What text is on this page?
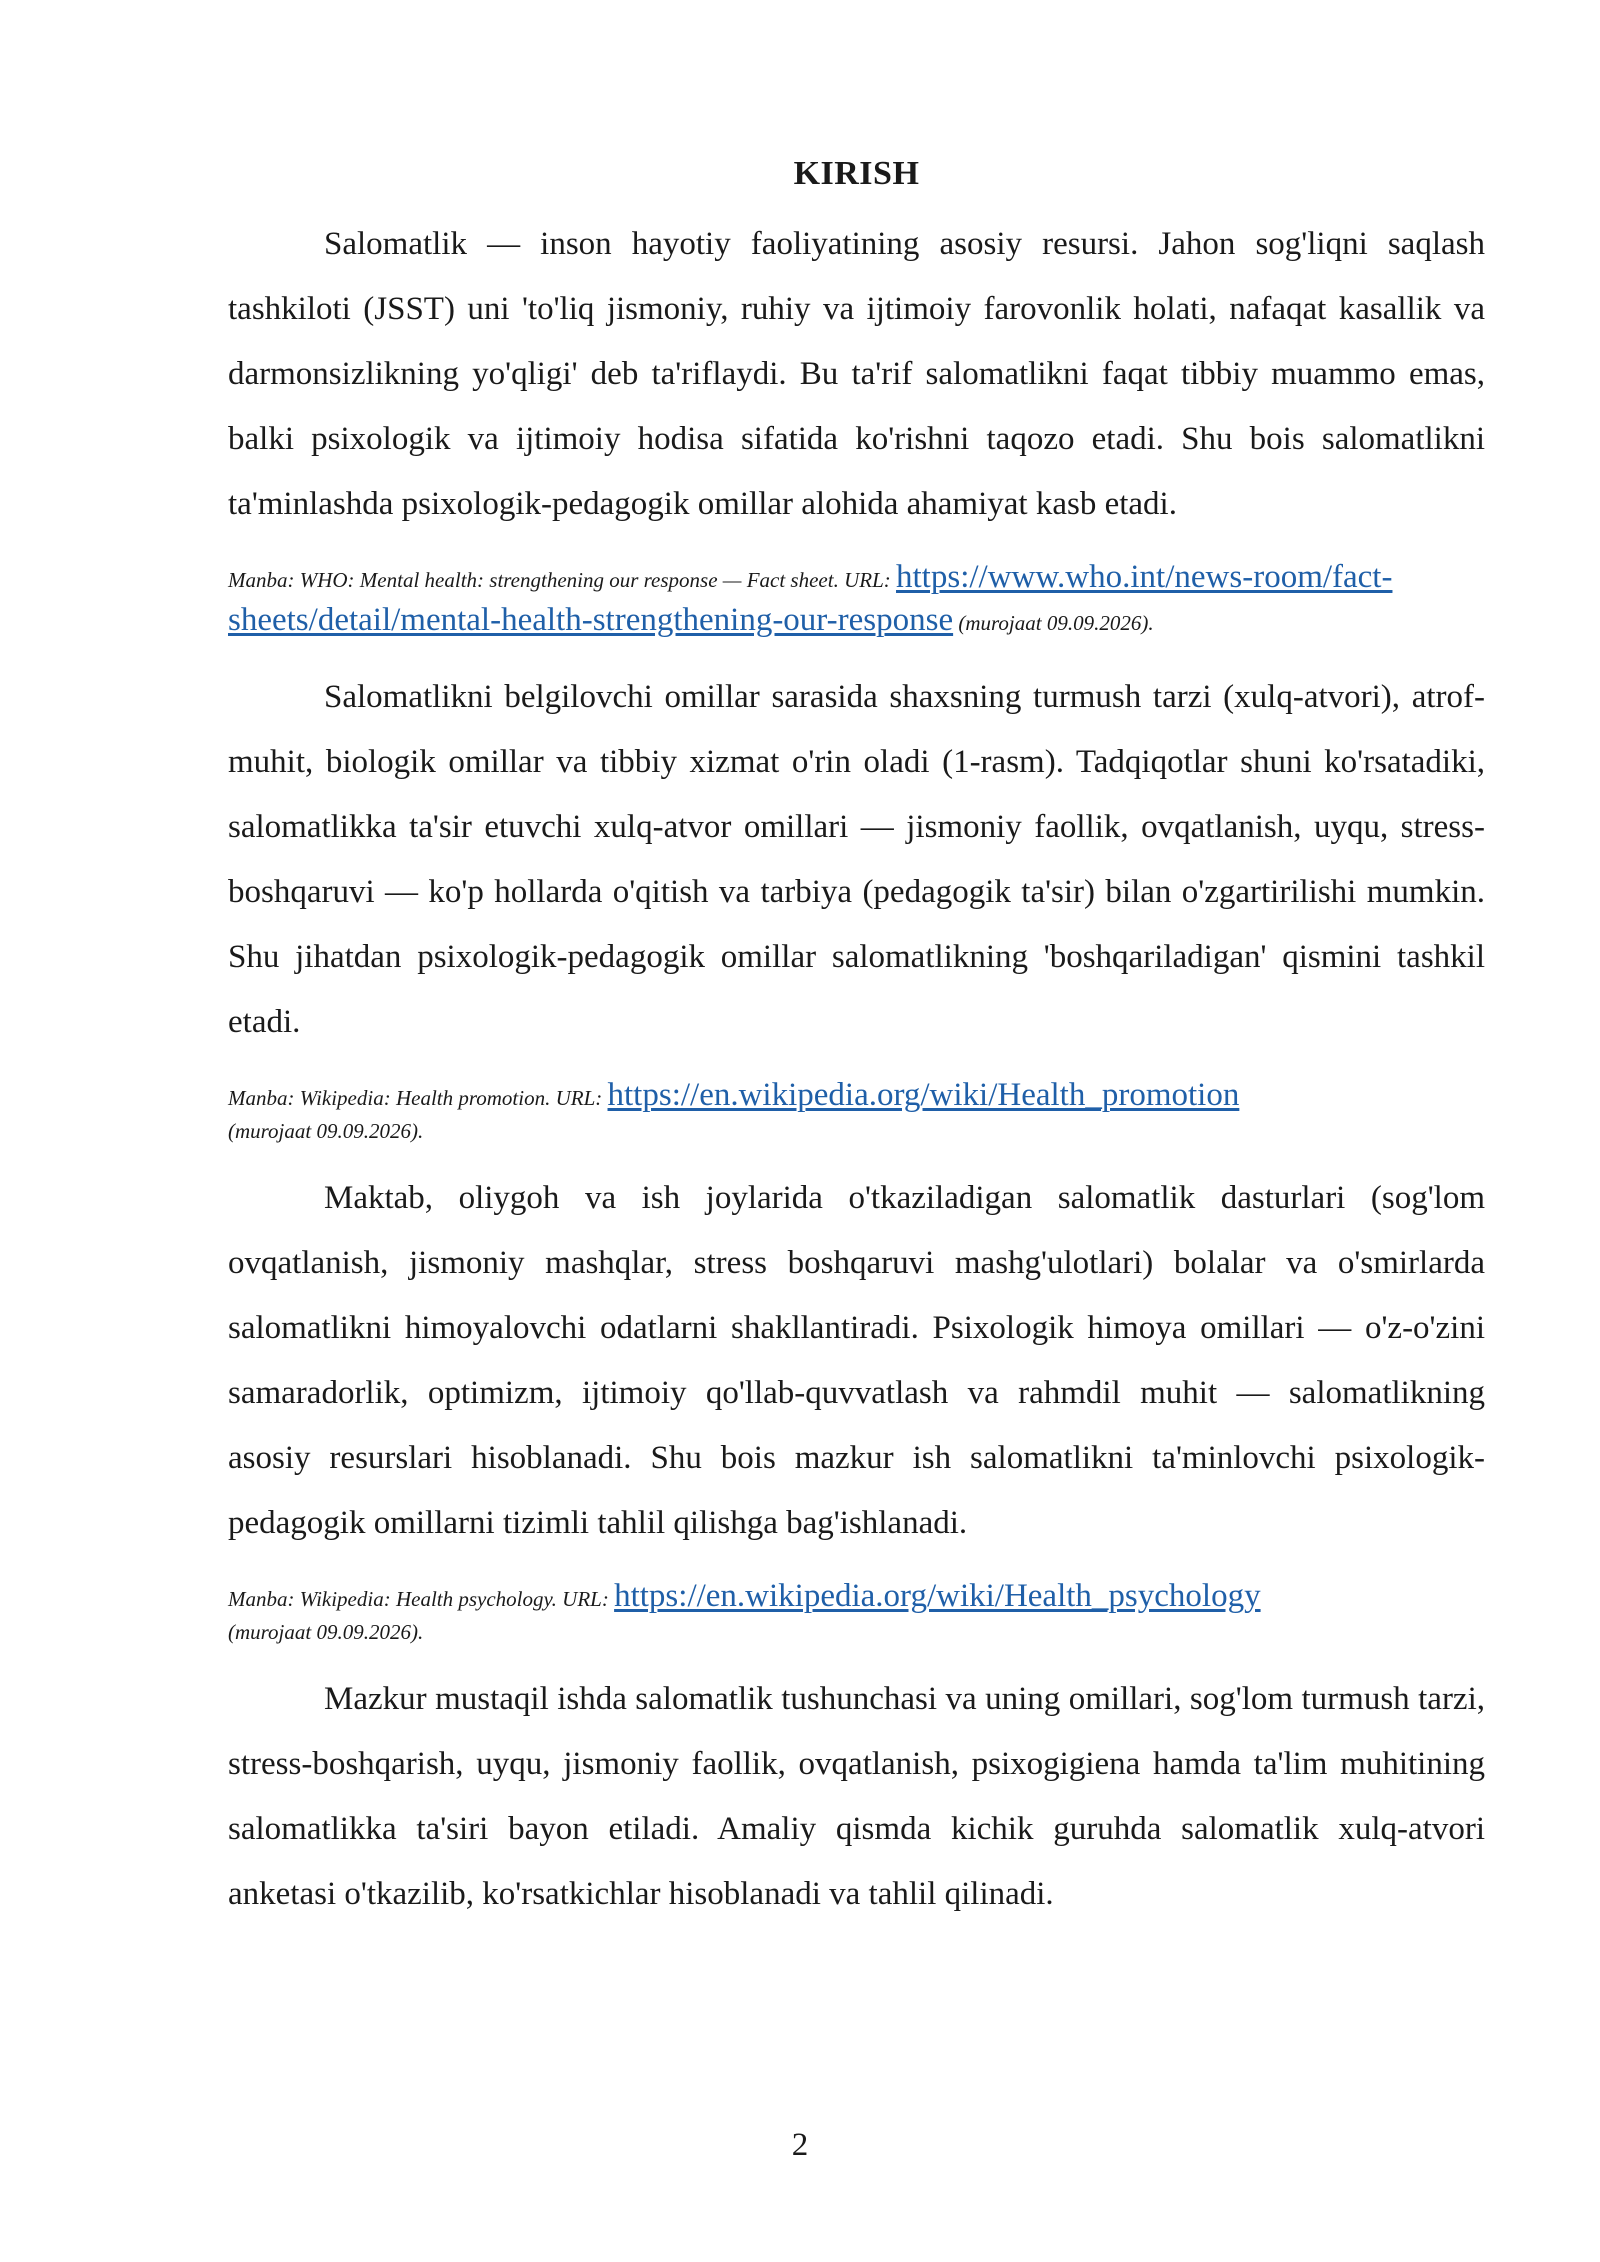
KIRISH

Salomatlik — inson hayotiy faoliyatining asosiy resursi. Jahon sog'liqni saqlash tashkiloti (JSST) uni 'to'liq jismoniy, ruhiy va ijtimoiy farovonlik holati, nafaqat kasallik va darmonsizlikning yo'qligi' deb ta'riflaydi. Bu ta'rif salomatlikni faqat tibbiy muammo emas, balki psixologik va ijtimoiy hodisa sifatida ko'rishni taqozo etadi. Shu bois salomatlikni ta'minlashda psixologik-pedagogik omillar alohida ahamiyat kasb etadi.

Manba: WHO: Mental health: strengthening our response — Fact sheet. URL: https://www.who.int/news-room/fact-sheets/detail/mental-health-strengthening-our-response (murojaat 09.09.2026).

Salomatlikni belgilovchi omillar sarasida shaxsning turmush tarzi (xulq-atvori), atrof-muhit, biologik omillar va tibbiy xizmat o'rin oladi (1-rasm). Tadqiqotlar shuni ko'rsatadiki, salomatlikka ta'sir etuvchi xulq-atvor omillari — jismoniy faollik, ovqatlanish, uyqu, stress-boshqaruvi — ko'p hollarda o'qitish va tarbiya (pedagogik ta'sir) bilan o'zgartirilishi mumkin. Shu jihatdan psixologik-pedagogik omillar salomatlikning 'boshqariladigan' qismini tashkil etadi.

Manba: Wikipedia: Health promotion. URL: https://en.wikipedia.org/wiki/Health_promotion
(murojaat 09.09.2026).

Maktab, oliygoh va ish joylarida o'tkaziladigan salomatlik dasturlari (sog'lom ovqatlanish, jismoniy mashqlar, stress boshqaruvi mashg'ulotlari) bolalar va o'smirlarda salomatlikni himoyalovchi odatlarni shakllantiradi. Psixologik himoya omillari — o'z-o'zini samaradorlik, optimizm, ijtimoiy qo'llab-quvvatlash va rahmdil muhit — salomatlikning asosiy resurslari hisoblanadi. Shu bois mazkur ish salomatlikni ta'minlovchi psixologik-pedagogik omillarni tizimli tahlil qilishga bag'ishlanadi.

Manba: Wikipedia: Health psychology. URL: https://en.wikipedia.org/wiki/Health_psychology
(murojaat 09.09.2026).

Mazkur mustaqil ishda salomatlik tushunchasi va uning omillari, sog'lom turmush tarzi, stress-boshqarish, uyqu, jismoniy faollik, ovqatlanish, psixogigiena hamda ta'lim muhitining salomatlikka ta'siri bayon etiladi. Amaliy qismda kichik guruhda salomatlik xulq-atvori anketasi o'tkazilib, ko'rsatkichlar hisoblanadi va tahlil qilinadi.

2
